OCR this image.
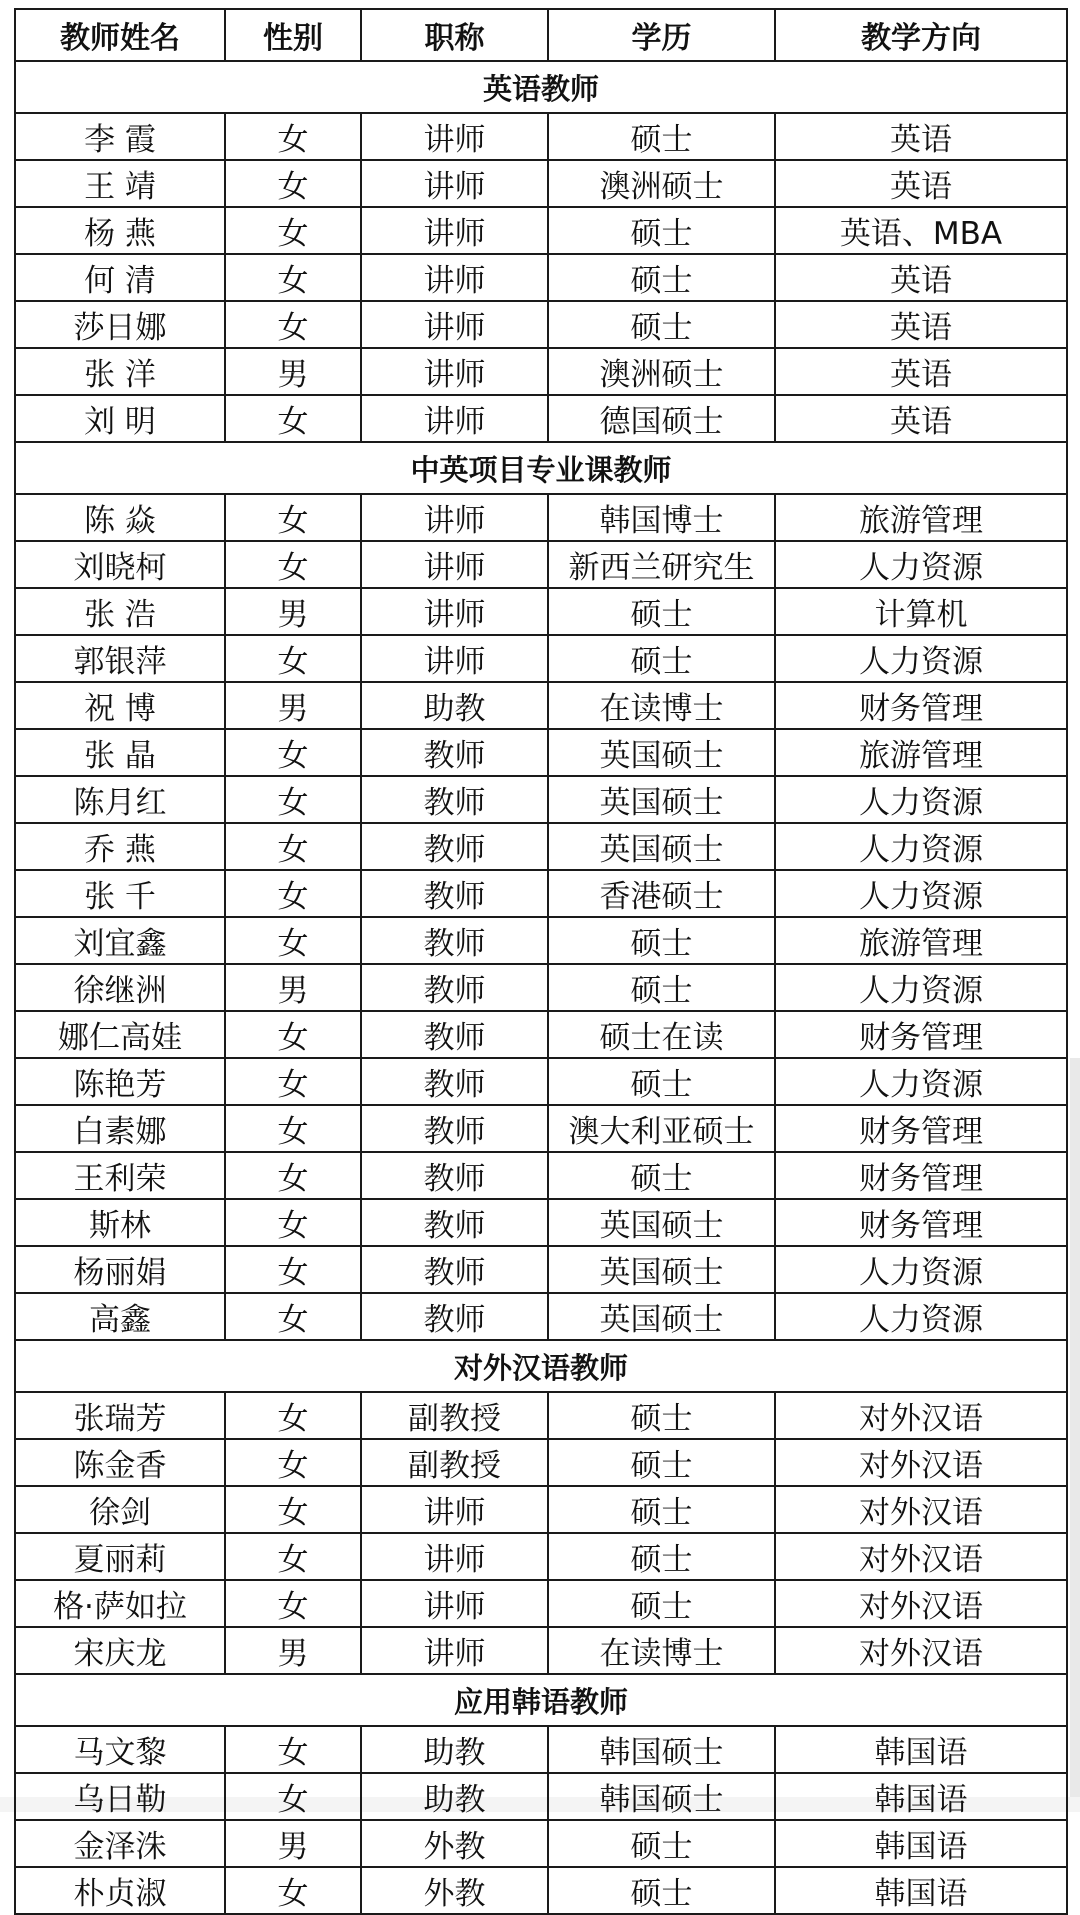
教师姓名	性别	职称	学历	教学方向
英语教师				
李 霞	女	讲师	硕士	英语
王 靖	女	讲师	澳洲硕士	英语
杨 燕	女	讲师	硕士	英语、MBA
何 清	女	讲师	硕士	英语
莎日娜	女	讲师	硕士	英语
张 洋	男	讲师	澳洲硕士	英语
刘 明	女	讲师	德国硕士	英语
中英项目专业课教师				
陈 焱	女	讲师	韩国博士	旅游管理
刘晓柯	女	讲师	新西兰研究生	人力资源
张 浩	男	讲师	硕士	计算机
郭银萍	女	讲师	硕士	人力资源
祝 博	男	助教	在读博士	财务管理
张 晶	女	教师	英国硕士	旅游管理
陈月红	女	教师	英国硕士	人力资源
乔 燕	女	教师	英国硕士	人力资源
张 千	女	教师	香港硕士	人力资源
刘宜鑫	女	教师	硕士	旅游管理
徐继洲	男	教师	硕士	人力资源
娜仁高娃	女	教师	硕士在读	财务管理
陈艳芳	女	教师	硕士	人力资源
白素娜	女	教师	澳大利亚硕士	财务管理
王利荣	女	教师	硕士	财务管理
斯林	女	教师	英国硕士	财务管理
杨丽娟	女	教师	英国硕士	人力资源
高鑫	女	教师	英国硕士	人力资源
对外汉语教师				
张瑞芳	女	副教授	硕士	对外汉语
陈金香	女	副教授	硕士	对外汉语
徐剑	女	讲师	硕士	对外汉语
夏丽莉	女	讲师	硕士	对外汉语
格·萨如拉	女	讲师	硕士	对外汉语
宋庆龙	男	讲师	在读博士	对外汉语
应用韩语教师				
马文黎	女	助教	韩国硕士	韩国语
乌日勒	女	助教	韩国硕士	韩国语
金泽洙	男	外教	硕士	韩国语
朴贞淑	女	外教	硕士	韩国语
